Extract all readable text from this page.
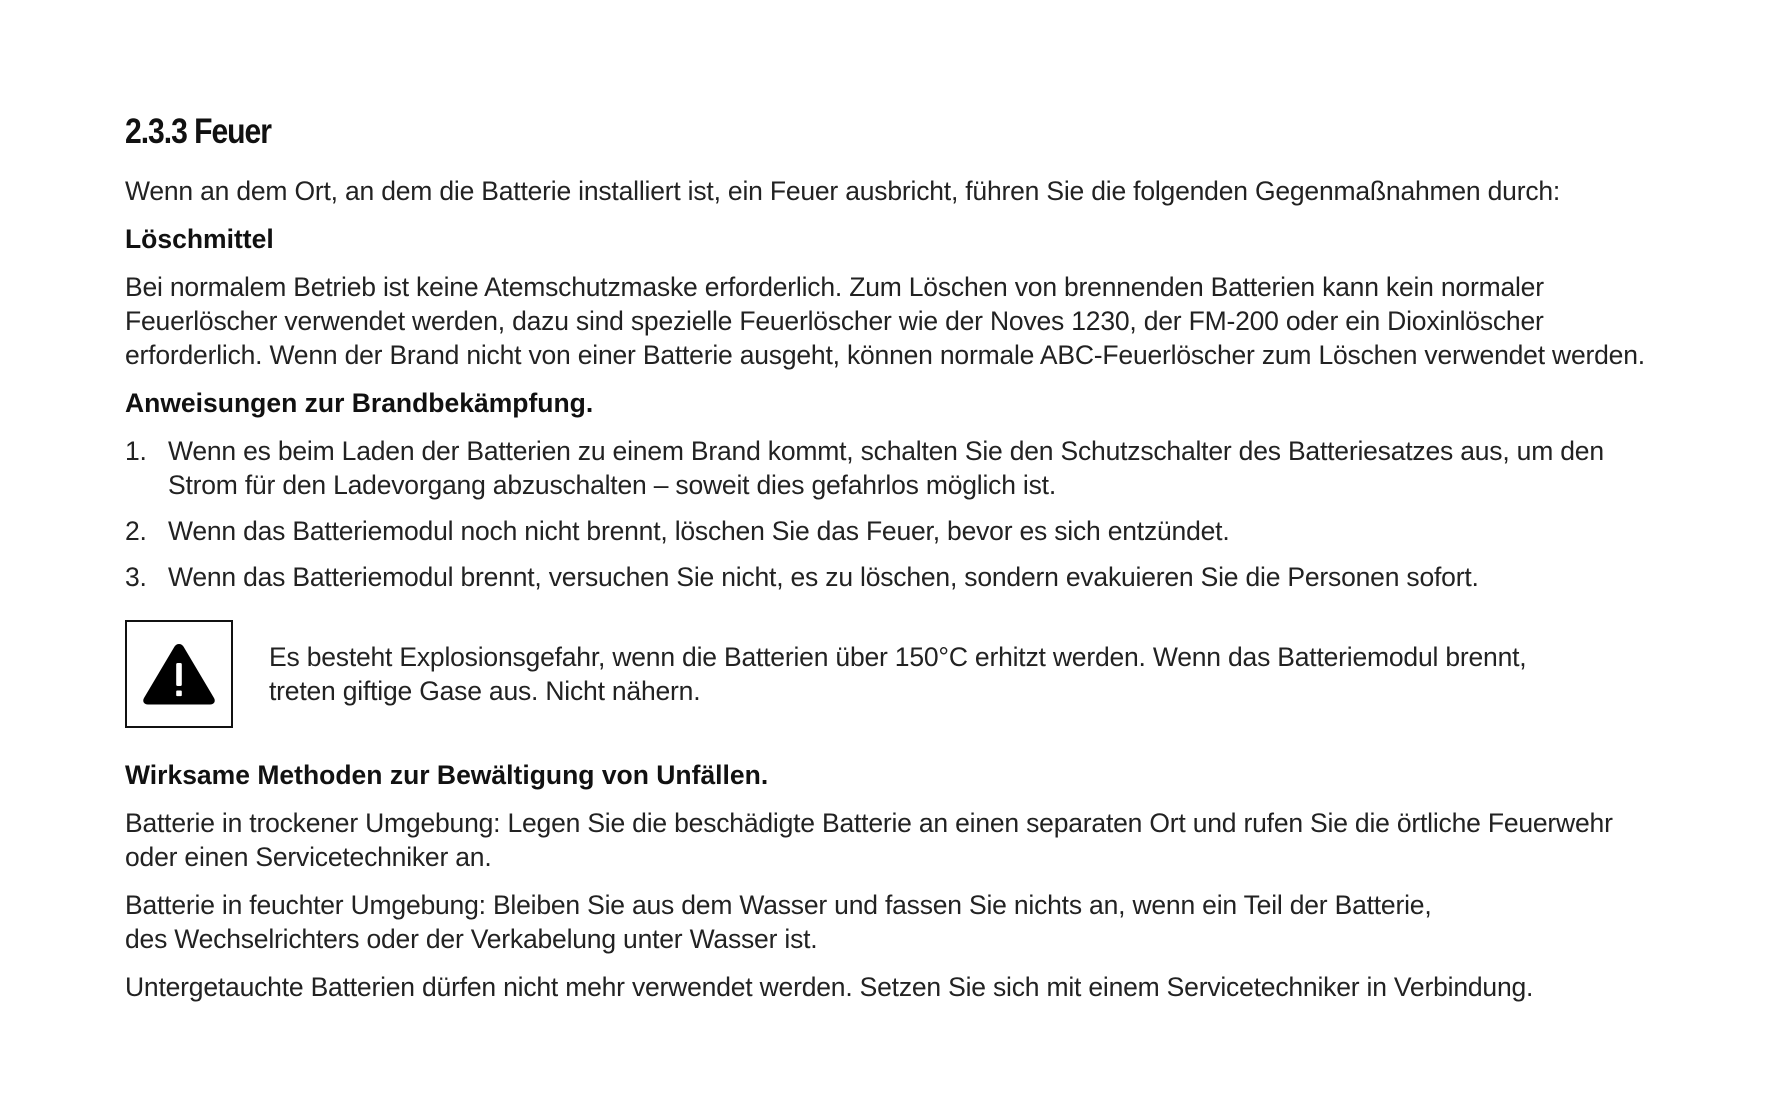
2.3.3 Feuer

Wenn an dem Ort, an dem die Batterie installiert ist, ein Feuer ausbricht, führen Sie die folgenden Gegenmaßnahmen durch:

Löschmittel

Bei normalem Betrieb ist keine Atemschutzmaske erforderlich. Zum Löschen von brennenden Batterien kann kein normaler

Feuerlöscher verwendet werden, dazu sind spezielle Feuerlöscher wie der Noves 1230, der FM-200 oder ein Dioxinlöscher

erforderlich. Wenn der Brand nicht von einer Batterie ausgeht, können normale ABC-Feuerlöscher zum Löschen verwendet werden.

Anweisungen zur Brandbekämpfung.
1. Wenn es beim Laden der Batterien zu einem Brand kommt, schalten Sie den Schutzschalter des Batteriesatzes aus, um den
Strom für den Ladevorgang abzuschalten – soweit dies gefahrlos möglich ist.
2. Wenn das Batteriemodul noch nicht brennt, löschen Sie das Feuer, bevor es sich entzündet.
3. Wenn das Batteriemodul brennt, versuchen Sie nicht, es zu löschen, sondern evakuieren Sie die Personen sofort.

Es besteht Explosionsgefahr, wenn die Batterien über 150°C erhitzt werden. Wenn das Batteriemodul brennt,

treten giftige Gase aus. Nicht nähern.

Wirksame Methoden zur Bewältigung von Unfällen.

Batterie in trockener Umgebung: Legen Sie die beschädigte Batterie an einen separaten Ort und rufen Sie die örtliche Feuerwehr

oder einen Servicetechniker an.

Batterie in feuchter Umgebung: Bleiben Sie aus dem Wasser und fassen Sie nichts an, wenn ein Teil der Batterie,

des Wechselrichters oder der Verkabelung unter Wasser ist.

Untergetauchte Batterien dürfen nicht mehr verwendet werden. Setzen Sie sich mit einem Servicetechniker in Verbindung.
